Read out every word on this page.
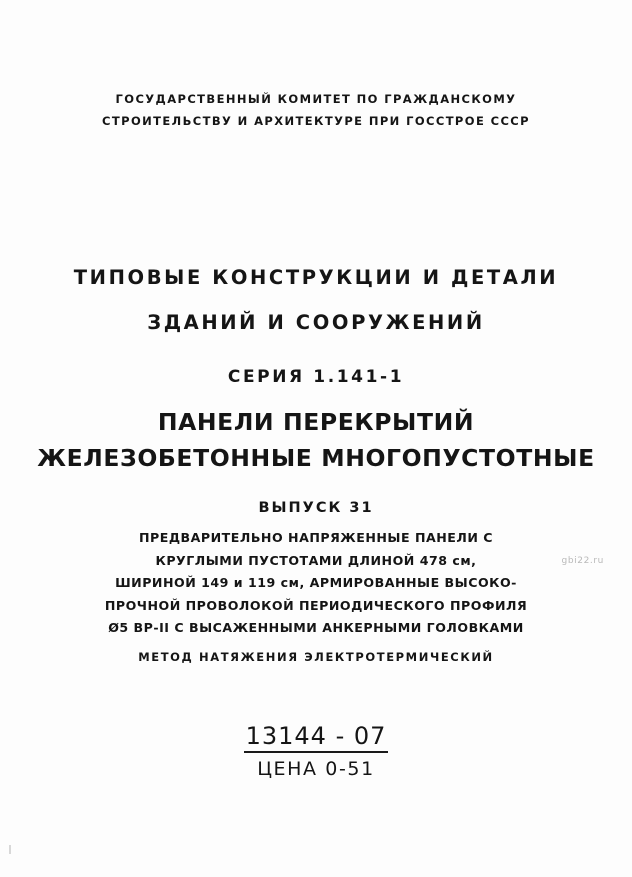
ГОСУДАРСТВЕННЫЙ КОМИТЕТ ПО ГРАЖДАНСКОМУ
СТРОИТЕЛЬСТВУ И АРХИТЕКТУРЕ ПРИ ГОССТРОЕ СССР
ТИПОВЫЕ КОНСТРУКЦИИ И ДЕТАЛИ
ЗДАНИЙ И СООРУЖЕНИЙ
СЕРИЯ 1.141-1
ПАНЕЛИ ПЕРЕКРЫТИЙ
ЖЕЛЕЗОБЕТОННЫЕ МНОГОПУСТОТНЫЕ
ВЫПУСК 31
ПРЕДВАРИТЕЛЬНО НАПРЯЖЕННЫЕ ПАНЕЛИ С
КРУГЛЫМИ ПУСТОТАМИ ДЛИНОЙ 478 см,
ШИРИНОЙ 149 и 119 см, АРМИРОВАННЫЕ ВЫСОКО-
ПРОЧНОЙ ПРОВОЛОКОЙ ПЕРИОДИЧЕСКОГО ПРОФИЛЯ
Ø5 ВР-II С ВЫСАЖЕННЫМИ АНКЕРНЫМИ ГОЛОВКАМИ
МЕТОД НАТЯЖЕНИЯ ЭЛЕКТРОТЕРМИЧЕСКИЙ
13144 - 07
ЦЕНА 0-51
gbi22.ru
